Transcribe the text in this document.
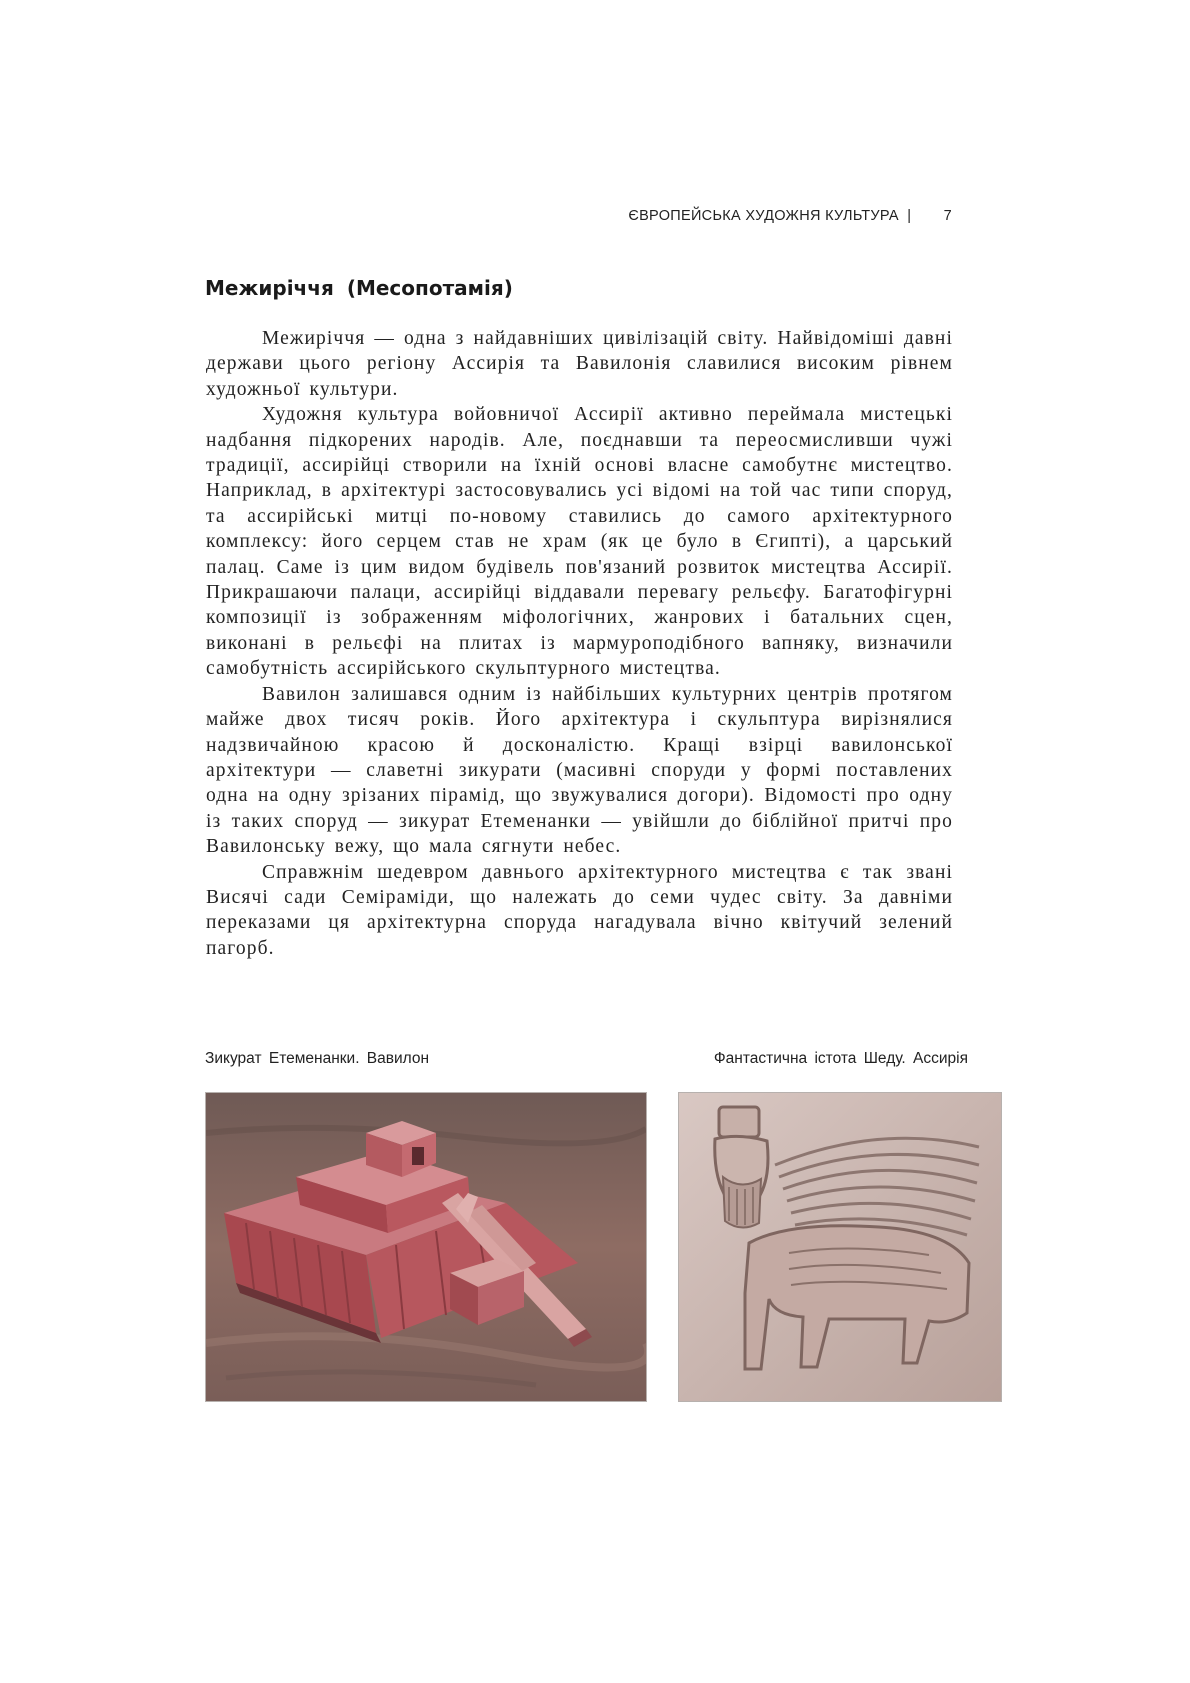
ЄВРОПЕЙСЬКА ХУДОЖНЯ КУЛЬТУРА | 7
Межиріччя (Месопотамія)

Межиріччя — одна з найдавніших цивілізацій світу. Найвідоміші давні держави цього регіону Ассирія та Вавилонія славилися високим рівнем художньої культури.

Художня культура войовничої Ассирії активно переймала мистецькі надбання підкорених народів. Але, поєднавши та переосмисливши чужі традиції, ассирійці створили на їхній основі власне самобутнє мистецтво. Наприклад, в архітектурі застосовувались усі відомі на той час типи споруд, та ассирійські митці по-новому ставились до самого архітектурного комплексу: його серцем став не храм (як це було в Єгипті), а царський палац. Саме із цим видом будівель пов'язаний розвиток мистецтва Ассирії. Прикрашаючи палаци, ассирійці віддавали перевагу рельєфу. Багатофігурні композиції із зображенням міфологічних, жанрових і батальних сцен, виконані в рельєфі на плитах із мармуроподібного вапняку, визначили самобутність ассирійського скульптурного мистецтва.

Вавилон залишався одним із найбільших культурних центрів протягом майже двох тисяч років. Його архітектура і скульптура вирізнялися надзвичайною красою й досконалістю. Кращі взірці вавилонської архітектури — славетні зикурати (масивні споруди у формі поставлених одна на одну зрізаних пірамід, що звужувалися догори). Відомості про одну із таких споруд — зикурат Етеменанки — увійшли до біблійної притчі про Вавилонську вежу, що мала сягнути небес.

Справжнім шедевром давнього архітектурного мистецтва є так звані Висячі сади Семіраміди, що належать до семи чудес світу. За давніми переказами ця архітектурна споруда нагадувала вічно квітучий зелений пагорб.

Зикурат Етеменанки. Вавилон	Фантастична істота Шеду. Ассирія
